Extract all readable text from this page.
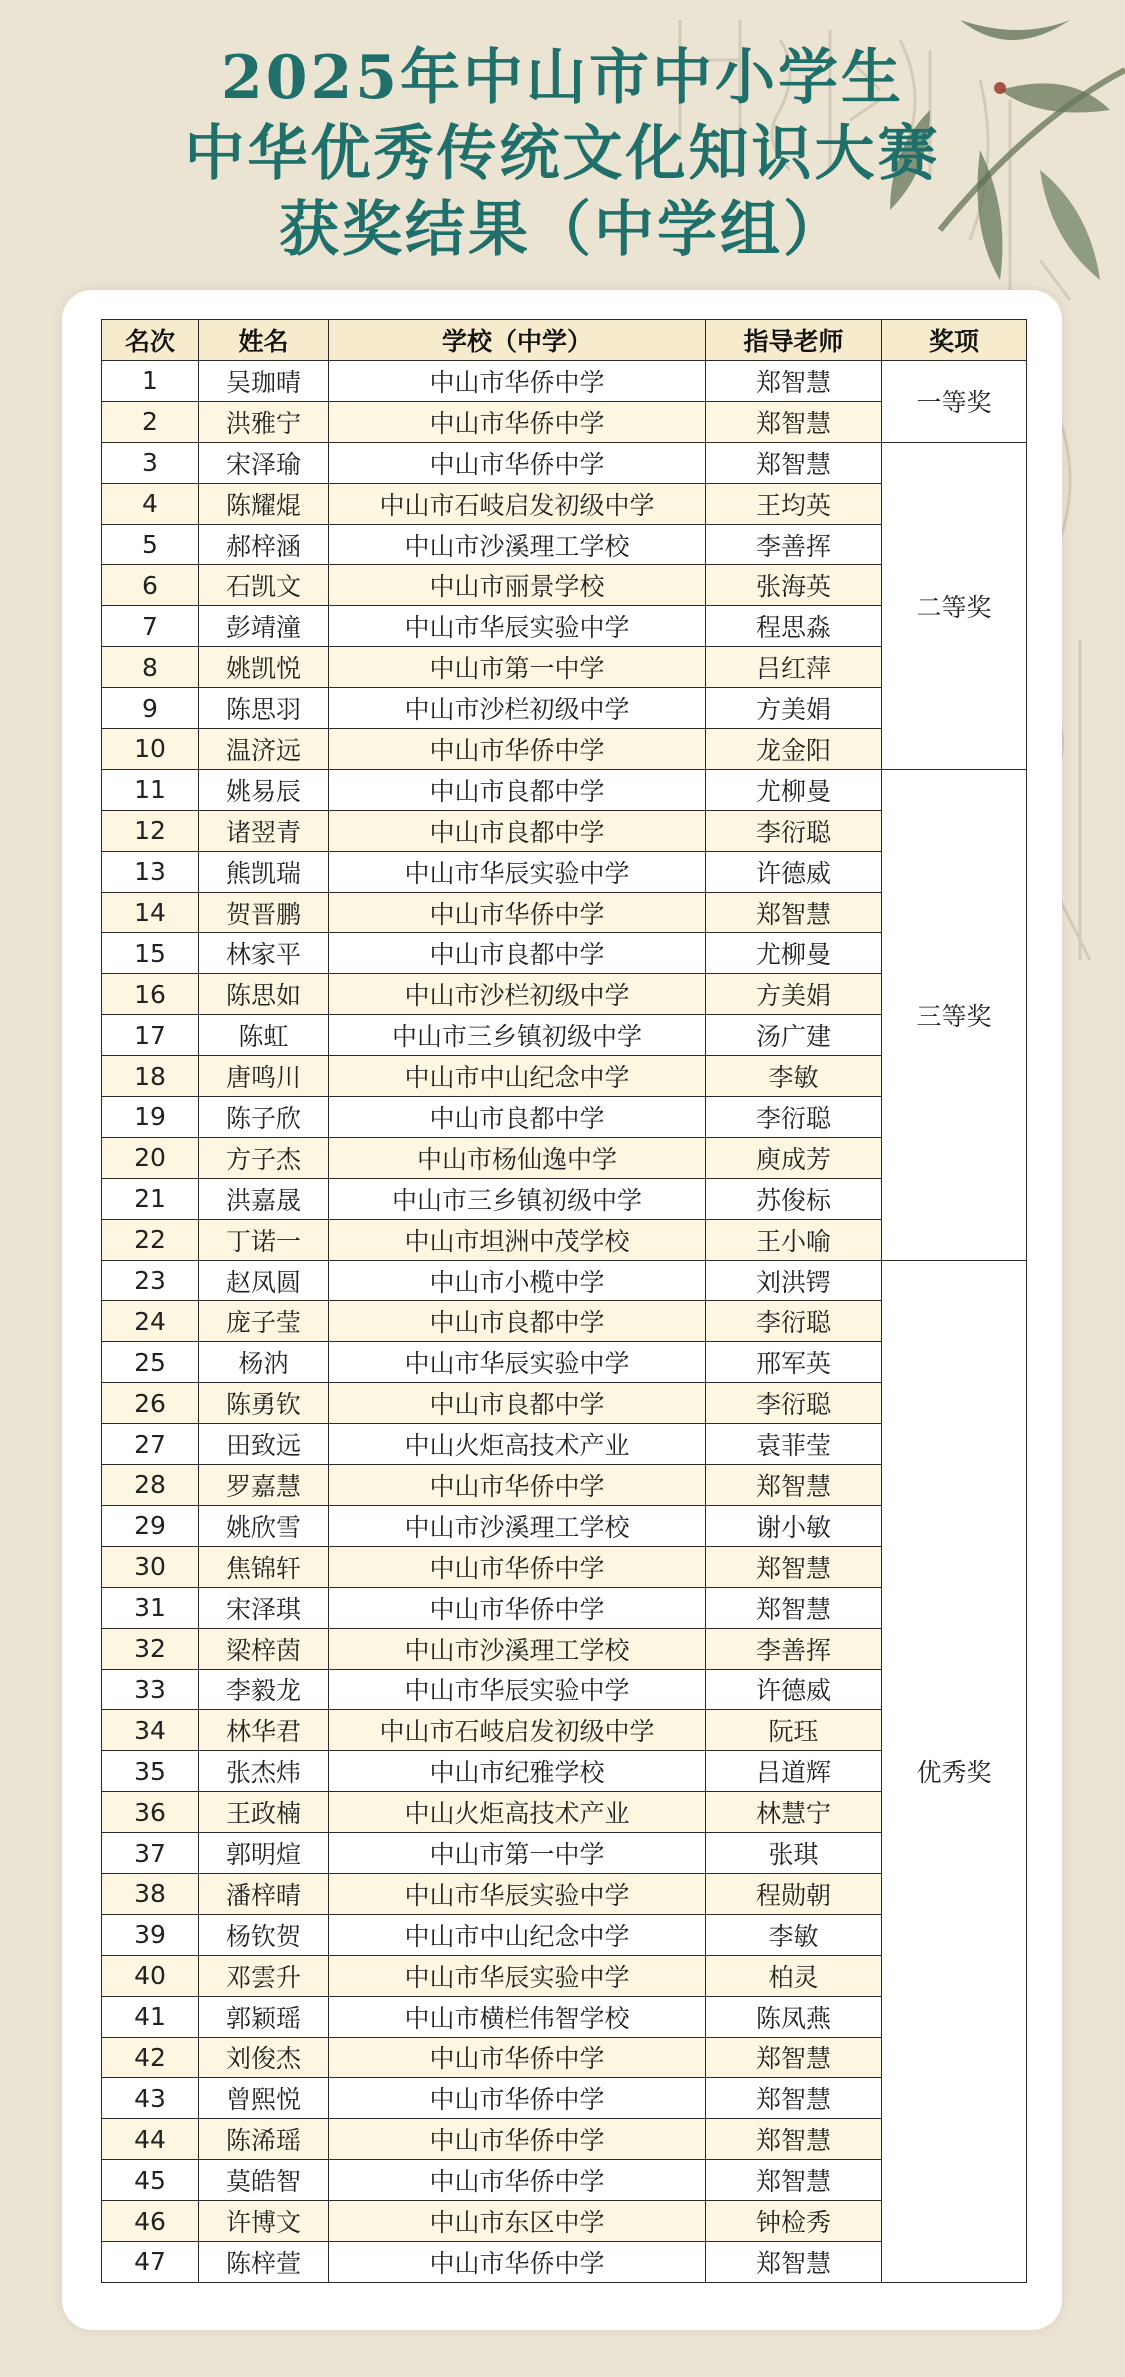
2025年中山市中小学生
中华优秀传统文化知识大赛
获奖结果（中学组）
名次	姓名	学校（中学）	指导老师	奖项
1	吴珈晴	中山市华侨中学	郑智慧	一等奖
2	洪雅宁	中山市华侨中学	郑智慧	
3	宋泽瑜	中山市华侨中学	郑智慧	二等奖
4	陈耀焜	中山市石岐启发初级中学	王均英	
5	郝梓涵	中山市沙溪理工学校	李善挥	
6	石凯文	中山市丽景学校	张海英	
7	彭靖潼	中山市华辰实验中学	程思淼	
8	姚凯悦	中山市第一中学	吕红萍	
9	陈思羽	中山市沙栏初级中学	方美娟	
10	温济远	中山市华侨中学	龙金阳	
11	姚易辰	中山市良都中学	尤柳曼	三等奖
12	诸翌青	中山市良都中学	李衍聪	
13	熊凯瑞	中山市华辰实验中学	许德威	
14	贺晋鹏	中山市华侨中学	郑智慧	
15	林家平	中山市良都中学	尤柳曼	
16	陈思如	中山市沙栏初级中学	方美娟	
17	陈虹	中山市三乡镇初级中学	汤广建	
18	唐鸣川	中山市中山纪念中学	李敏	
19	陈子欣	中山市良都中学	李衍聪	
20	方子杰	中山市杨仙逸中学	庾成芳	
21	洪嘉晟	中山市三乡镇初级中学	苏俊标	
22	丁诺一	中山市坦洲中茂学校	王小喻	
23	赵凤圆	中山市小榄中学	刘洪锷	优秀奖
24	庞子莹	中山市良都中学	李衍聪	
25	杨汭	中山市华辰实验中学	邢军英	
26	陈勇钦	中山市良都中学	李衍聪	
27	田致远	中山火炬高技术产业	袁菲莹	
28	罗嘉慧	中山市华侨中学	郑智慧	
29	姚欣雪	中山市沙溪理工学校	谢小敏	
30	焦锦轩	中山市华侨中学	郑智慧	
31	宋泽琪	中山市华侨中学	郑智慧	
32	梁梓茵	中山市沙溪理工学校	李善挥	
33	李毅龙	中山市华辰实验中学	许德威	
34	林华君	中山市石岐启发初级中学	阮珏	
35	张杰炜	中山市纪雅学校	吕道辉	
36	王政楠	中山火炬高技术产业	林慧宁	
37	郭明煊	中山市第一中学	张琪	
38	潘梓晴	中山市华辰实验中学	程勋朝	
39	杨钦贺	中山市中山纪念中学	李敏	
40	邓雲升	中山市华辰实验中学	柏灵	
41	郭颖瑶	中山市横栏伟智学校	陈凤燕	
42	刘俊杰	中山市华侨中学	郑智慧	
43	曾熙悦	中山市华侨中学	郑智慧	
44	陈浠瑶	中山市华侨中学	郑智慧	
45	莫皓智	中山市华侨中学	郑智慧	
46	许博文	中山市东区中学	钟检秀	
47	陈梓萱	中山市华侨中学	郑智慧	
